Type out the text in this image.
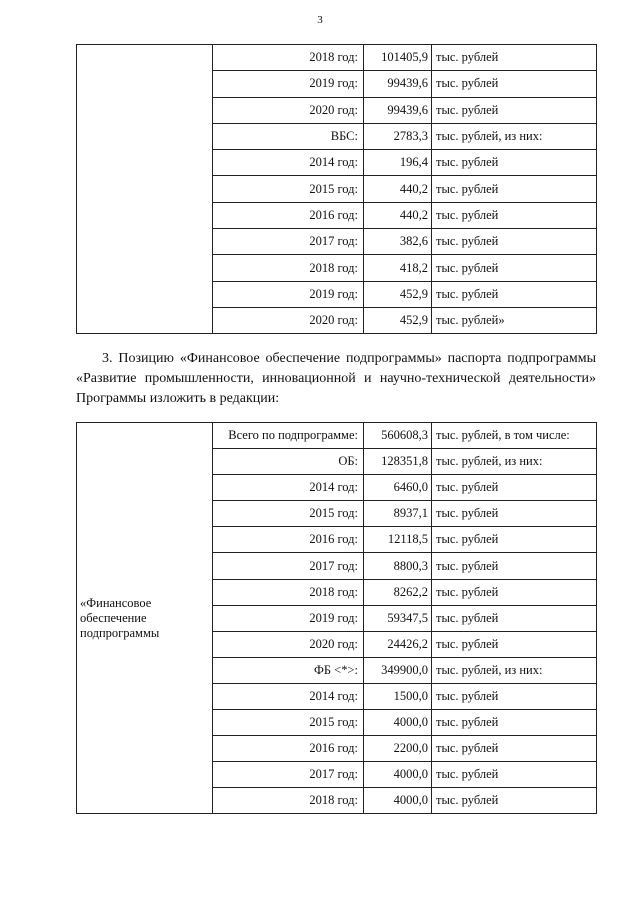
3
	2018 год:	101405,9	тыс. рублей
	2019 год:	99439,6	тыс. рублей
	2020 год:	99439,6	тыс. рублей
	ВБС:	2783,3	тыс. рублей, из них:
	2014 год:	196,4	тыс. рублей
	2015 год:	440,2	тыс. рублей
	2016 год:	440,2	тыс. рублей
	2017 год:	382,6	тыс. рублей
	2018 год:	418,2	тыс. рублей
	2019 год:	452,9	тыс. рублей
	2020 год:	452,9	тыс. рублей»
3. Позицию «Финансовое обеспечение подпрограммы» паспорта подпрограммы «Развитие промышленности, инновационной и научно-технической деятельности» Программы изложить в редакции:
«Финансовое обеспечение подпрограммы	Всего по подпрограмме:	560608,3	тыс. рублей, в том числе:
	ОБ:	128351,8	тыс. рублей, из них:
	2014 год:	6460,0	тыс. рублей
	2015 год:	8937,1	тыс. рублей
	2016 год:	12118,5	тыс. рублей
	2017 год:	8800,3	тыс. рублей
	2018 год:	8262,2	тыс. рублей
	2019 год:	59347,5	тыс. рублей
	2020 год:	24426,2	тыс. рублей
	ФБ <*>:	349900,0	тыс. рублей, из них:
	2014 год:	1500,0	тыс. рублей
	2015 год:	4000,0	тыс. рублей
	2016 год:	2200,0	тыс. рублей
	2017 год:	4000,0	тыс. рублей
	2018 год:	4000,0	тыс. рублей
